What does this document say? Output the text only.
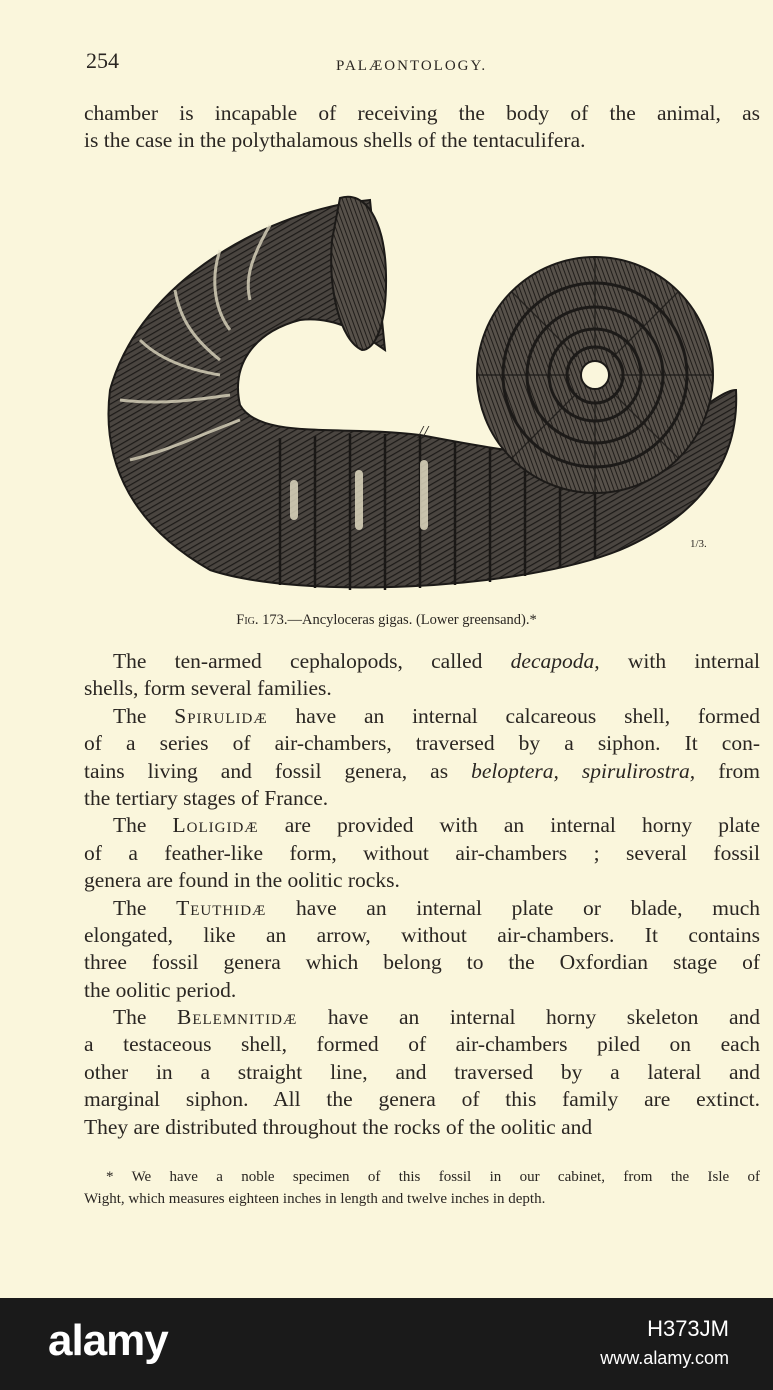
254	PALÆONTOLOGY.
chamber is incapable of receiving the body of the animal, as
is the case in the polythalamous shells of the tentaculifera.
//
1/3.
Fig. 173.—Ancyloceras gigas. (Lower greensand).*
The ten-armed cephalopods, called decapoda, with internal
shells, form several families.
The Spirulidæ have an internal calcareous shell, formed
of a series of air-chambers, traversed by a siphon. It con-
tains living and fossil genera, as beloptera, spirulirostra, from
the tertiary stages of France.
The Loligidæ are provided with an internal horny plate
of a feather-like form, without air-chambers ; several fossil
genera are found in the oolitic rocks.
The Teuthidæ have an internal plate or blade, much
elongated, like an arrow, without air-chambers. It contains
three fossil genera which belong to the Oxfordian stage of
the oolitic period.
The Belemnitidæ have an internal horny skeleton and
a testaceous shell, formed of air-chambers piled on each
other in a straight line, and traversed by a lateral and
marginal siphon. All the genera of this family are extinct.
They are distributed throughout the rocks of the oolitic and
* We have a noble specimen of this fossil in our cabinet, from the Isle of
Wight, which measures eighteen inches in length and twelve inches in depth.
alamy	H373JM
www.alamy.com
